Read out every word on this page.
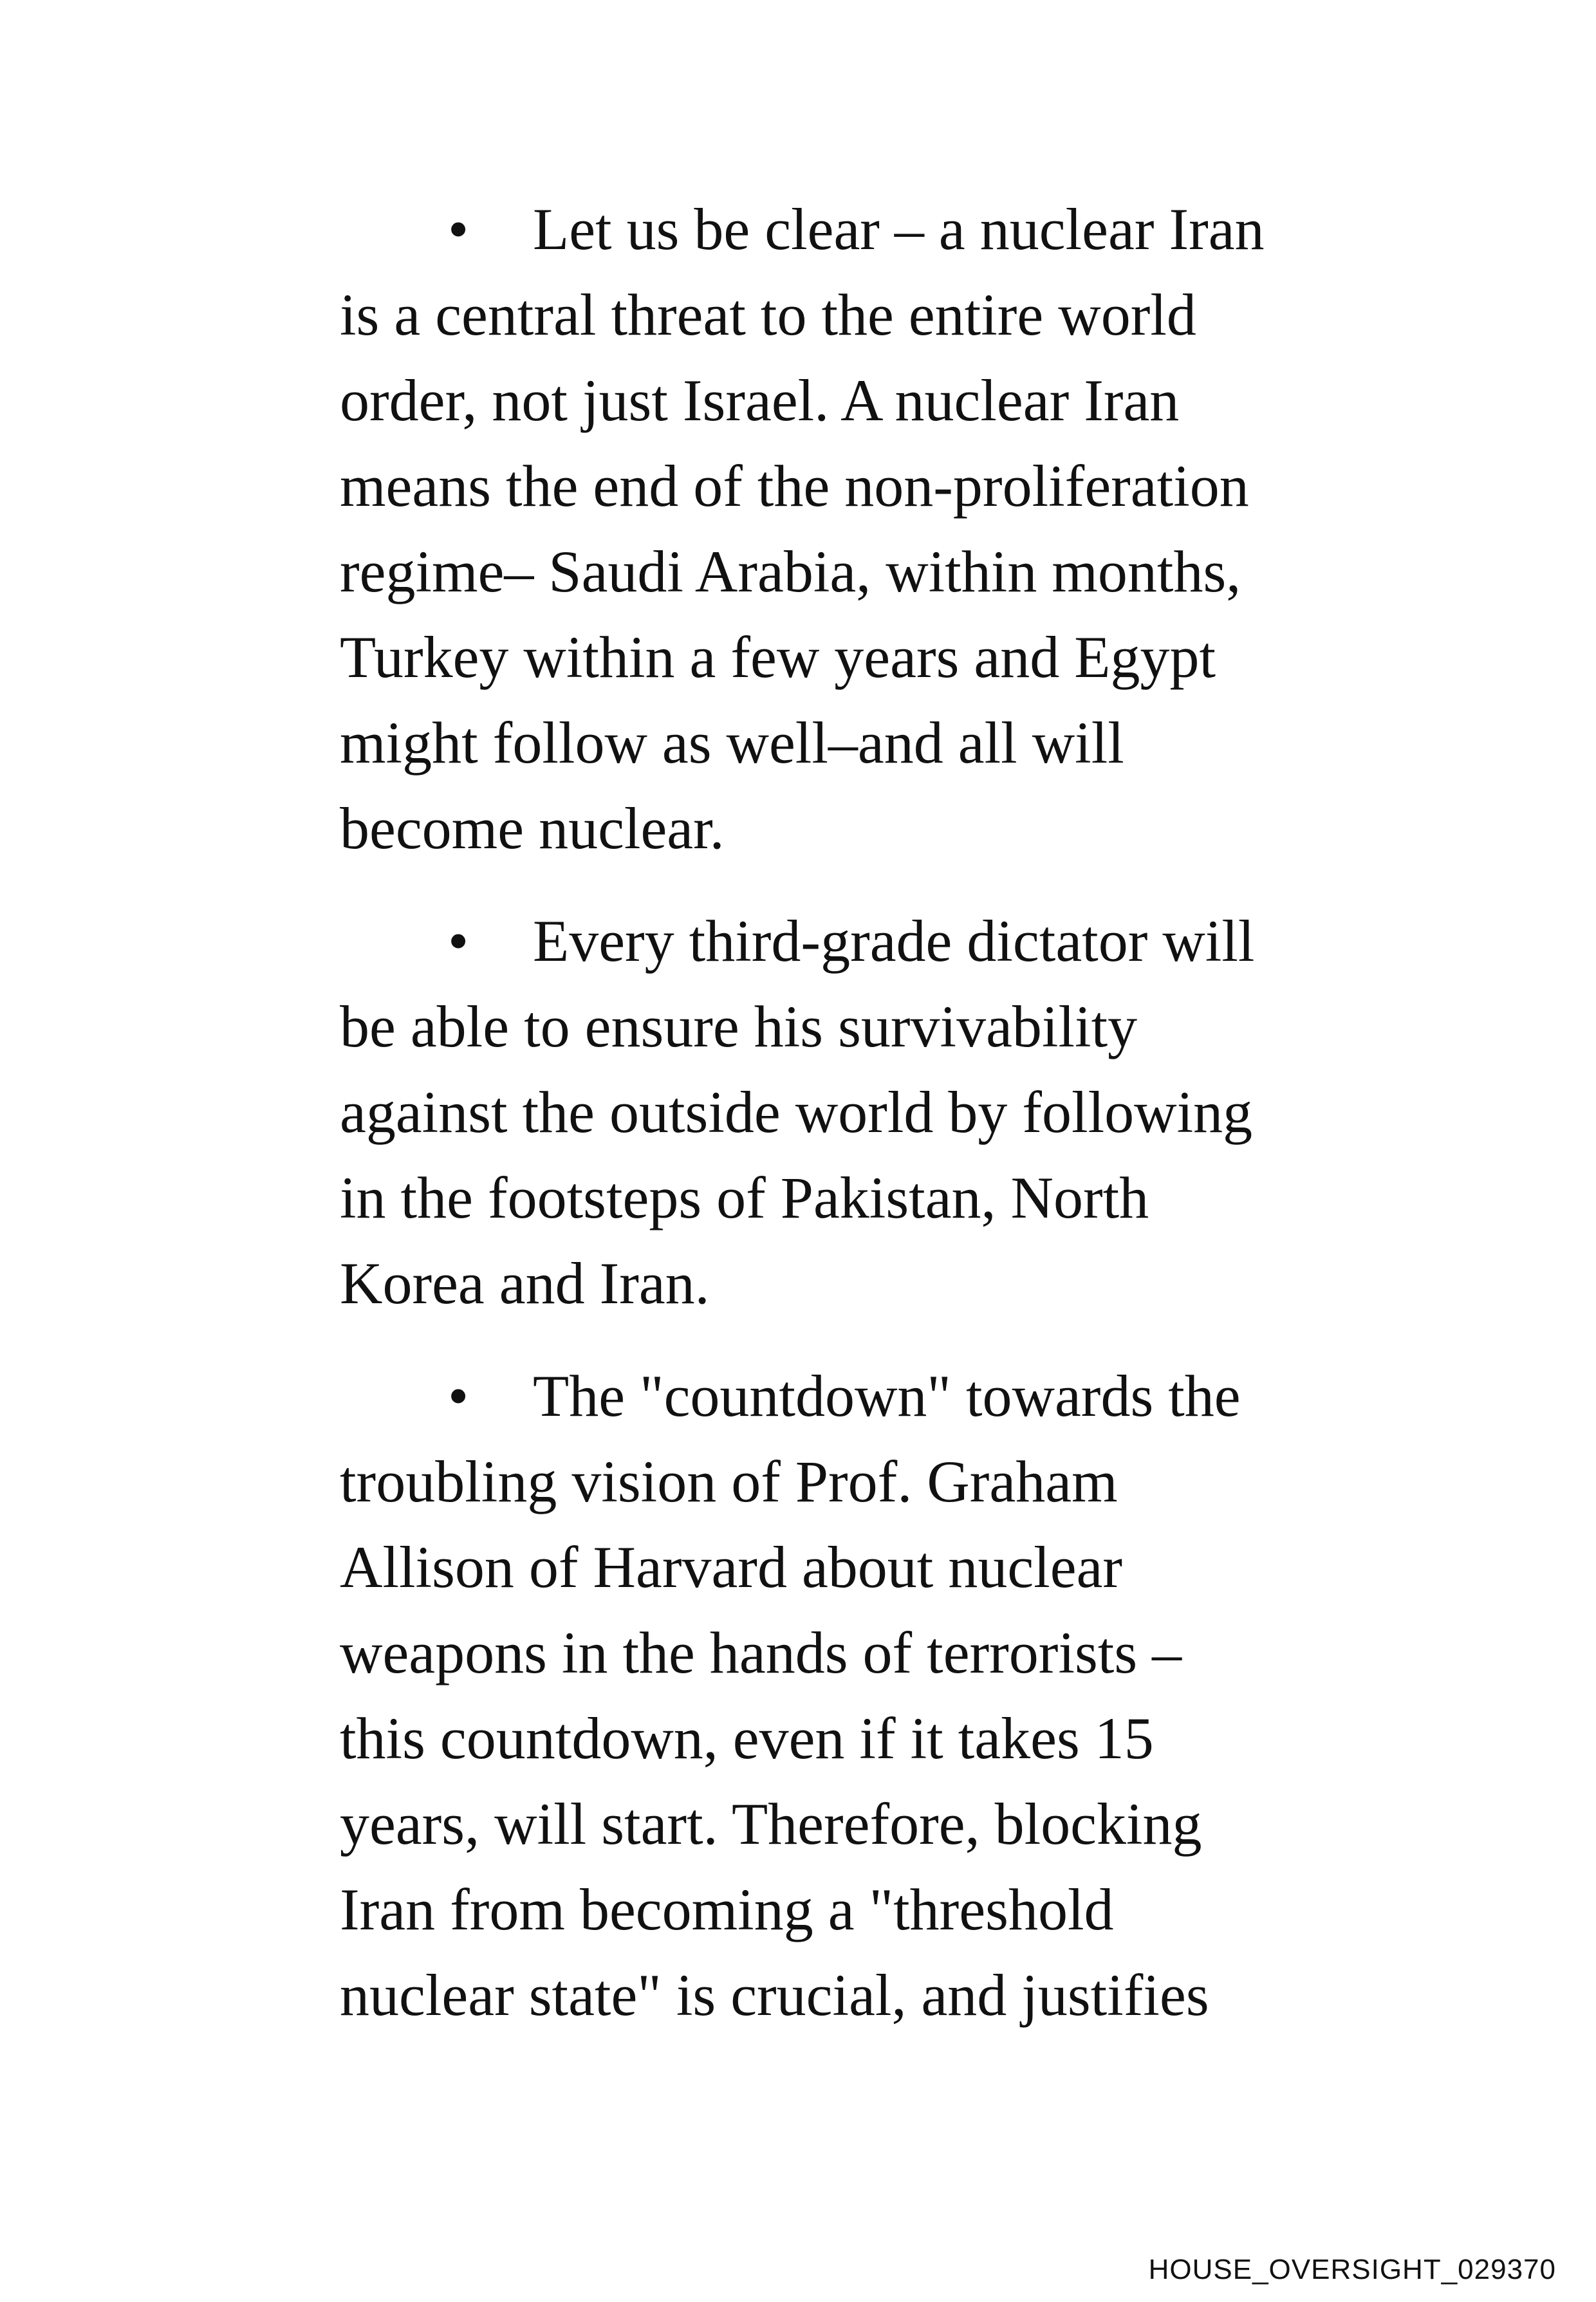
• Let us be clear – a nuclear Iran
is a central threat to the entire world
order, not just Israel. A nuclear Iran
means the end of the non-proliferation
regime– Saudi Arabia, within months,
Turkey within a few years and Egypt
might follow as well–and all will
become nuclear.

• Every third-grade dictator will
be able to ensure his survivability
against the outside world by following
in the footsteps of Pakistan, North
Korea and Iran.

• The "countdown" towards the
troubling vision of Prof. Graham
Allison of Harvard about nuclear
weapons in the hands of terrorists –
this countdown, even if it takes 15
years, will start. Therefore, blocking
Iran from becoming a "threshold
nuclear state" is crucial, and justifies

HOUSE_OVERSIGHT_029370
